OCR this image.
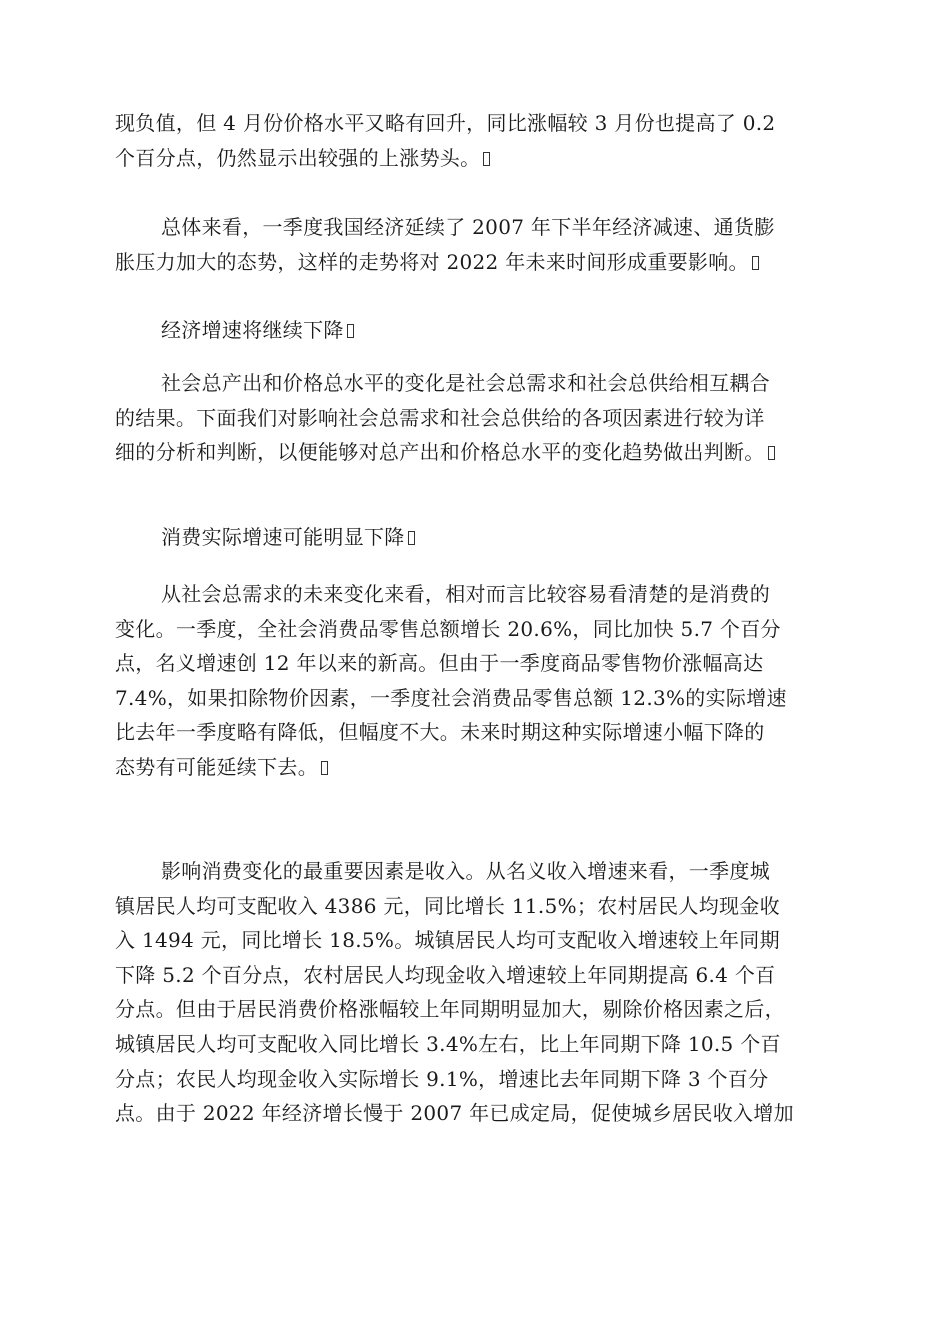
现负值，但 4 月份价格水平又略有回升，同比涨幅较 3 月份也提高了 0.2
个百分点，仍然显示出较强的上涨势头。
总体来看，一季度我国经济延续了 2007 年下半年经济减速、通货膨
胀压力加大的态势，这样的走势将对 2022 年未来时间形成重要影响。
经济增速将继续下降
社会总产出和价格总水平的变化是社会总需求和社会总供给相互耦合
的结果。下面我们对影响社会总需求和社会总供给的各项因素进行较为详
细的分析和判断，以便能够对总产出和价格总水平的变化趋势做出判断。
消费实际增速可能明显下降
从社会总需求的未来变化来看，相对而言比较容易看清楚的是消费的
变化。一季度，全社会消费品零售总额增长 20.6%，同比加快 5.7 个百分
点，名义增速创 12 年以来的新高。但由于一季度商品零售物价涨幅高达
7.4%，如果扣除物价因素，一季度社会消费品零售总额 12.3%的实际增速
比去年一季度略有降低，但幅度不大。未来时期这种实际增速小幅下降的
态势有可能延续下去。
影响消费变化的最重要因素是收入。从名义收入增速来看，一季度城
镇居民人均可支配收入 4386 元，同比增长 11.5%；农村居民人均现金收
入 1494 元，同比增长 18.5%。城镇居民人均可支配收入增速较上年同期
下降 5.2 个百分点，农村居民人均现金收入增速较上年同期提高 6.4 个百
分点。但由于居民消费价格涨幅较上年同期明显加大，剔除价格因素之后，
城镇居民人均可支配收入同比增长 3.4%左右，比上年同期下降 10.5 个百
分点；农民人均现金收入实际增长 9.1%，增速比去年同期下降 3 个百分
点。由于 2022 年经济增长慢于 2007 年已成定局，促使城乡居民收入增加
